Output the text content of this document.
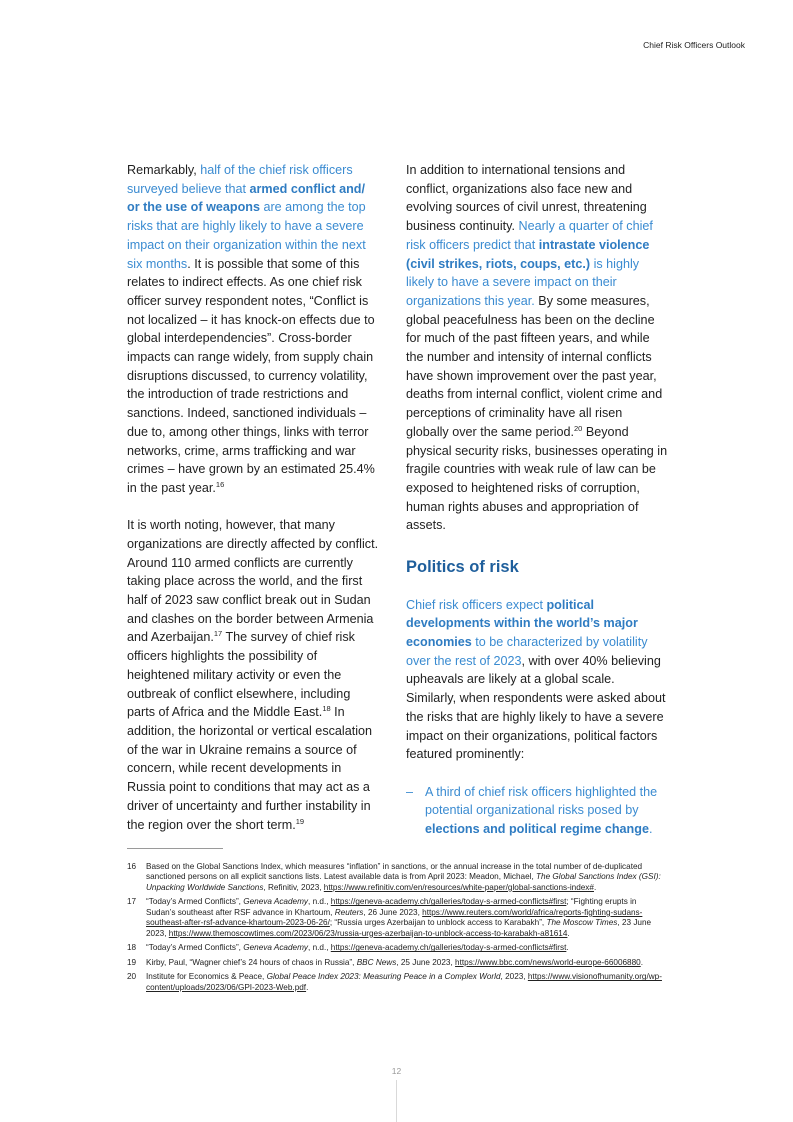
Chief Risk Officers Outlook

Remarkably, half of the chief risk officers surveyed believe that armed conflict and/ or the use of weapons are among the top risks that are highly likely to have a severe impact on their organization within the next six months. It is possible that some of this relates to indirect effects. As one chief risk officer survey respondent notes, “Conflict is not localized – it has knock-on effects due to global interdependencies”. Cross-border impacts can range widely, from supply chain disruptions discussed, to currency volatility, the introduction of trade restrictions and sanctions. Indeed, sanctioned individuals – due to, among other things, links with terror networks, crime, arms trafficking and war crimes – have grown by an estimated 25.4% in the past year.$^{16}$

It is worth noting, however, that many organizations are directly affected by conflict. Around 110 armed conflicts are currently taking place across the world, and the first half of 2023 saw conflict break out in Sudan and clashes on the border between Armenia and Azerbaijan.$^{17}$ The survey of chief risk officers highlights the possibility of heightened military activity or even the outbreak of conflict elsewhere, including parts of Africa and the Middle East.$^{18}$ In addition, the horizontal or vertical escalation of the war in Ukraine remains a source of concern, while recent developments in Russia point to conditions that may act as a driver of uncertainty and further instability in the region over the short term.$^{19}$

In addition to international tensions and conflict, organizations also face new and evolving sources of civil unrest, threatening business continuity. Nearly a quarter of chief risk officers predict that intrastate violence (civil strikes, riots, coups, etc.) is highly likely to have a severe impact on their organizations this year. By some measures, global peacefulness has been on the decline for much of the past fifteen years, and while the number and intensity of internal conflicts have shown improvement over the past year, deaths from internal conflict, violent crime and perceptions of criminality have all risen globally over the same period.$^{20}$ Beyond physical security risks, businesses operating in fragile countries with weak rule of law can be exposed to heightened risks of corruption, human rights abuses and appropriation of assets.

Politics of risk

Chief risk officers expect political developments within the world’s major economies to be characterized by volatility over the rest of 2023, with over 40% believing upheavals are likely at a global scale. Similarly, when respondents were asked about the risks that are highly likely to have a severe impact on their organizations, political factors featured prominently:

– A third of chief risk officers highlighted the potential organizational risks posed by elections and political regime change.
16	Based on the Global Sanctions Index, which measures “inflation” in sanctions, or the annual increase in the total number of de-duplicated sanctioned persons on all explicit sanctions lists. Latest available data is from April 2023: Meadon, Michael, The Global Sanctions Index (GSI): Unpacking Worldwide Sanctions, Refinitiv, 2023, https://www.refinitiv.com/en/resources/white-paper/global-sanctions-index#.
17	“Today’s Armed Conflicts”, Geneva Academy, n.d., https://geneva-academy.ch/galleries/today-s-armed-conflicts#first; “Fighting erupts in Sudan’s southeast after RSF advance in Khartoum, Reuters, 26 June 2023, https://www.reuters.com/world/africa/reports-fighting-sudans-southeast-after-rsf-advance-khartoum-2023-06-26/; “Russia urges Azerbaijan to unblock access to Karabakh”, The Moscow Times, 23 June 2023, https://www.themoscowtimes.com/2023/06/23/russia-urges-azerbaijan-to-unblock-access-to-karabakh-a81614.
18	“Today’s Armed Conflicts”, Geneva Academy, n.d., https://geneva-academy.ch/galleries/today-s-armed-conflicts#first.
19	Kirby, Paul, “Wagner chief’s 24 hours of chaos in Russia”, BBC News, 25 June 2023, https://www.bbc.com/news/world-europe-66006880.
20	Institute for Economics & Peace, Global Peace Index 2023: Measuring Peace in a Complex World, 2023, https://www.visionofhumanity.org/wp-content/uploads/2023/06/GPI-2023-Web.pdf.
12
